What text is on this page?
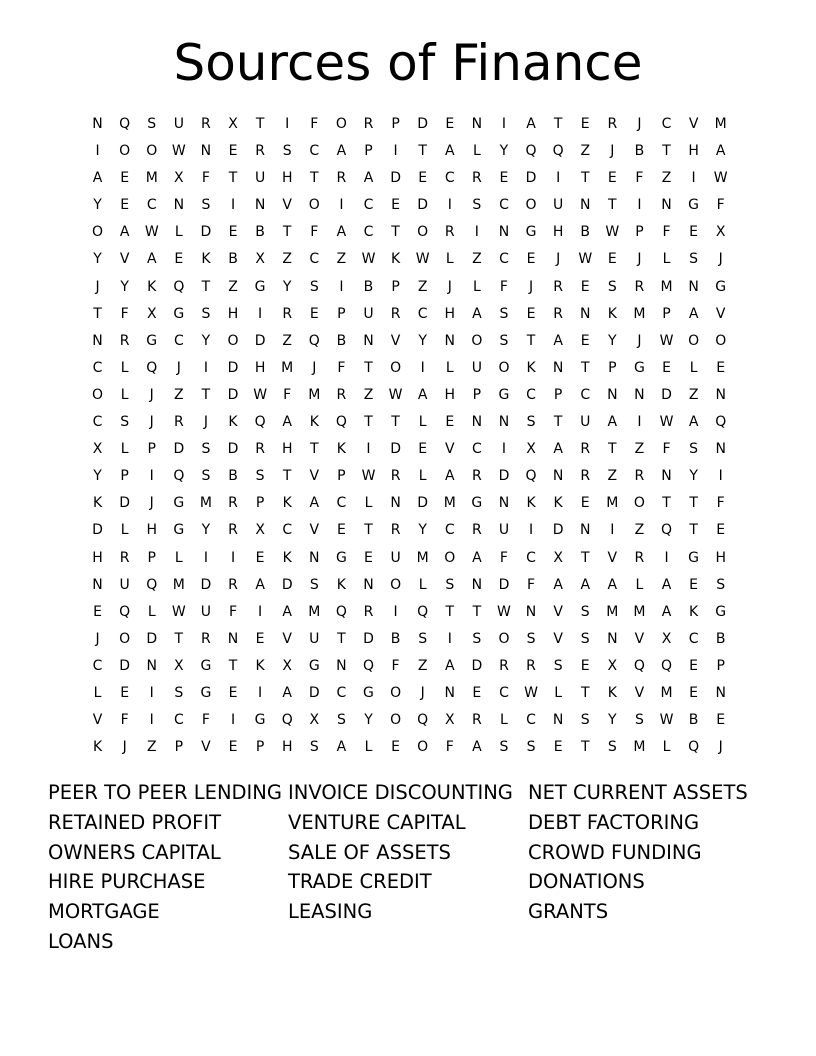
Sources of Finance
N	Q	S	U	R	X	T	I	F	O	R	P	D	E	N	I	A	T	E	R	J	C	V	M
I	O	O	W	N	E	R	S	C	A	P	I	T	A	L	Y	Q	Q	Z	J	B	T	H	A
A	E	M	X	F	T	U	H	T	R	A	D	E	C	R	E	D	I	T	E	F	Z	I	W
Y	E	C	N	S	I	N	V	O	I	C	E	D	I	S	C	O	U	N	T	I	N	G	F
O	A	W	L	D	E	B	T	F	A	C	T	O	R	I	N	G	H	B	W	P	F	E	X
Y	V	A	E	K	B	X	Z	C	Z	W	K	W	L	Z	C	E	J	W	E	J	L	S	J
J	Y	K	Q	T	Z	G	Y	S	I	B	P	Z	J	L	F	J	R	E	S	R	M	N	G
T	F	X	G	S	H	I	R	E	P	U	R	C	H	A	S	E	R	N	K	M	P	A	V
N	R	G	C	Y	O	D	Z	Q	B	N	V	Y	N	O	S	T	A	E	Y	J	W	O	O
C	L	Q	J	I	D	H	M	J	F	T	O	I	L	U	O	K	N	T	P	G	E	L	E
O	L	J	Z	T	D	W	F	M	R	Z	W	A	H	P	G	C	P	C	N	N	D	Z	N
C	S	J	R	J	K	Q	A	K	Q	T	T	L	E	N	N	S	T	U	A	I	W	A	Q
X	L	P	D	S	D	R	H	T	K	I	D	E	V	C	I	X	A	R	T	Z	F	S	N
Y	P	I	Q	S	B	S	T	V	P	W	R	L	A	R	D	Q	N	R	Z	R	N	Y	I
K	D	J	G	M	R	P	K	A	C	L	N	D	M	G	N	K	K	E	M	O	T	T	F
D	L	H	G	Y	R	X	C	V	E	T	R	Y	C	R	U	I	D	N	I	Z	Q	T	E
H	R	P	L	I	I	E	K	N	G	E	U	M	O	A	F	C	X	T	V	R	I	G	H
N	U	Q	M	D	R	A	D	S	K	N	O	L	S	N	D	F	A	A	A	L	A	E	S
E	Q	L	W	U	F	I	A	M	Q	R	I	Q	T	T	W	N	V	S	M	M	A	K	G
J	O	D	T	R	N	E	V	U	T	D	B	S	I	S	O	S	V	S	N	V	X	C	B
C	D	N	X	G	T	K	X	G	N	Q	F	Z	A	D	R	R	S	E	X	Q	Q	E	P
L	E	I	S	G	E	I	A	D	C	G	O	J	N	E	C	W	L	T	K	V	M	E	N
V	F	I	C	F	I	G	Q	X	S	Y	O	Q	X	R	L	C	N	S	Y	S	W	B	E
K	J	Z	P	V	E	P	H	S	A	L	E	O	F	A	S	S	E	T	S	M	L	Q	J
PEER TO PEER LENDING
RETAINED PROFIT
OWNERS CAPITAL
HIRE PURCHASE
MORTGAGE
LOANS
INVOICE DISCOUNTING
VENTURE CAPITAL
SALE OF ASSETS
TRADE CREDIT
LEASING
NET CURRENT ASSETS
DEBT FACTORING
CROWD FUNDING
DONATIONS
GRANTS
